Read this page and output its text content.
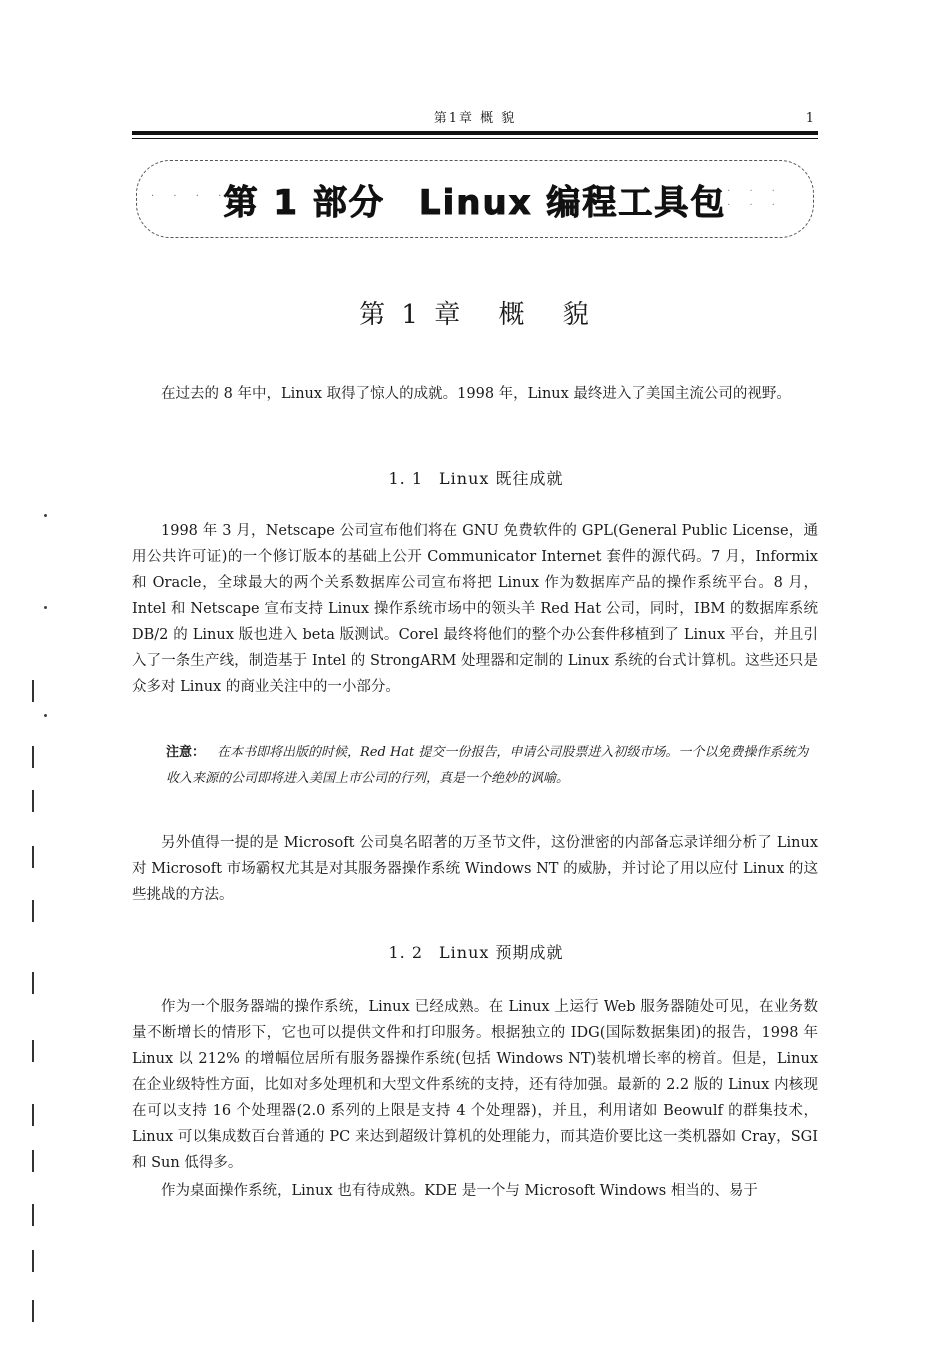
第1章 概 貌	1
· · · · ·	· · · ·
· · · ·
第 1 部分 Linux 编程工具包
第 1 章 概 貌

在过去的 8 年中，Linux 取得了惊人的成就。1998 年，Linux 最终进入了美国主流公司的视野。

1. 1 Linux 既往成就

1998 年 3 月，Netscape 公司宣布他们将在 GNU 免费软件的 GPL(General Public License，通用公共许可证)的一个修订版本的基础上公开 Communicator Internet 套件的源代码。7 月，Informix 和 Oracle，全球最大的两个关系数据库公司宣布将把 Linux 作为数据库产品的操作系统平台。8 月，Intel 和 Netscape 宣布支持 Linux 操作系统市场中的领头羊 Red Hat 公司，同时，IBM 的数据库系统 DB/2 的 Linux 版也进入 beta 版测试。Corel 最终将他们的整个办公套件移植到了 Linux 平台，并且引入了一条生产线，制造基于 Intel 的 StrongARM 处理器和定制的 Linux 系统的台式计算机。这些还只是众多对 Linux 的商业关注中的一小部分。

注意： 在本书即将出版的时候，Red Hat 提交一份报告，申请公司股票进入初级市场。一个以免费操作系统为收入来源的公司即将进入美国上市公司的行列，真是一个绝妙的讽喻。

另外值得一提的是 Microsoft 公司臭名昭著的万圣节文件，这份泄密的内部备忘录详细分析了 Linux 对 Microsoft 市场霸权尤其是对其服务器操作系统 Windows NT 的威胁，并讨论了用以应付 Linux 的这些挑战的方法。

1. 2 Linux 预期成就

作为一个服务器端的操作系统，Linux 已经成熟。在 Linux 上运行 Web 服务器随处可见，在业务数量不断增长的情形下，它也可以提供文件和打印服务。根据独立的 IDG(国际数据集团)的报告，1998 年 Linux 以 212% 的增幅位居所有服务器操作系统(包括 Windows NT)装机增长率的榜首。但是，Linux 在企业级特性方面，比如对多处理机和大型文件系统的支持，还有待加强。最新的 2.2 版的 Linux 内核现在可以支持 16 个处理器(2.0 系列的上限是支持 4 个处理器)，并且，利用诸如 Beowulf 的群集技术，Linux 可以集成数百台普通的 PC 来达到超级计算机的处理能力，而其造价要比这一类机器如 Cray，SGI 和 Sun 低得多。

作为桌面操作系统，Linux 也有待成熟。KDE 是一个与 Microsoft Windows 相当的、易于
